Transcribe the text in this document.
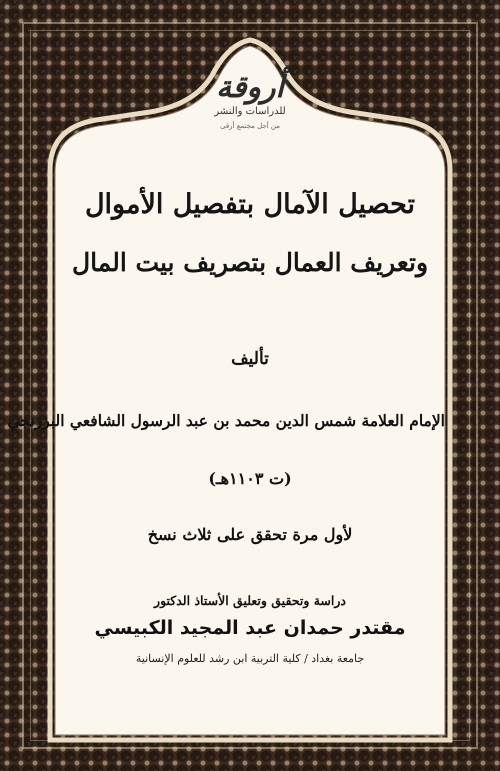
أروقة
للدراسات والنشر
من أجل مجتمع أرقى
تحصيل الآمال بتفصيل الأموال
وتعريف العمال بتصريف بيت المال
تأليف
الإمام العلامة شمس الدين محمد بن عبد الرسول الشافعي البرزنجي
(ت ١١٠٣هـ)
لأول مرة تحقق على ثلاث نسخ
دراسة وتحقيق وتعليق الأستاذ الدكتور
مقتدر حمدان عبد المجيد الكبيسي
جامعة بغداد / كلية التربية ابن رشد للعلوم الإنسانية
